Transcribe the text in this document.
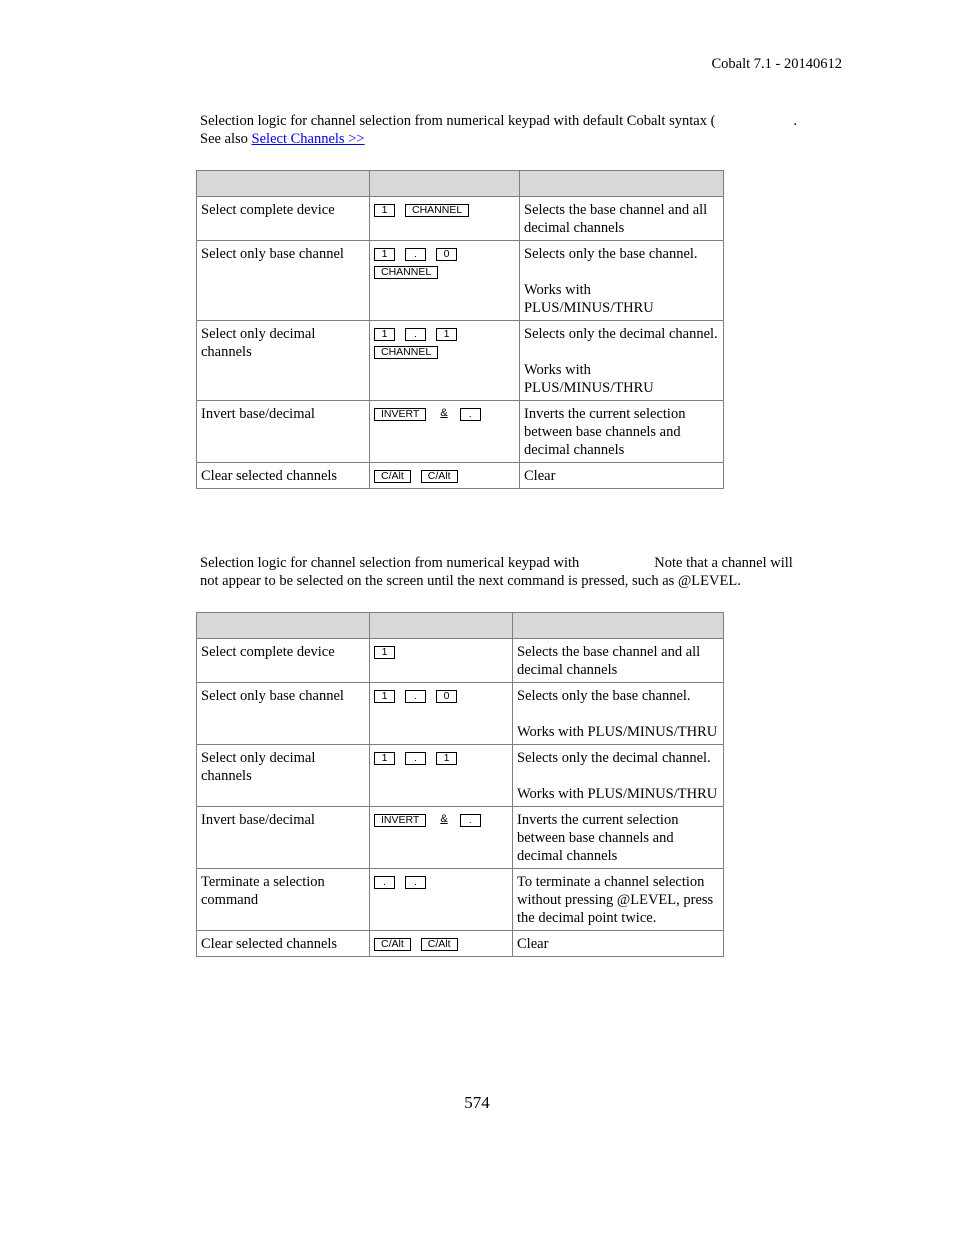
Cobalt 7.1 - 20140612

Selection logic for channel selection from numerical keypad with default Cobalt syntax (	.
See also Select Channels >>

Select complete device	1 CHANNEL	Selects the base channel and all decimal channels

Select only base channel	1 . 0CHANNEL	Selects only the base channel.
Works with PLUS/MINUS/THRU

Select only decimal channels	1 . 1CHANNEL	Selects only the decimal channel.
Works with PLUS/MINUS/THRU

Invert base/decimal	INVERT & .	Inverts the current selection between base channels and decimal channels

Clear selected channels	C/Alt C/Alt	Clear

Selection logic for channel selection from numerical keypad with	Note that a channel will
not appear to be selected on the screen until the next command is pressed, such as @LEVEL.

Select complete device	1	Selects the base channel and all decimal channels

Select only base channel	1 . 0	Selects only the base channel.
Works with PLUS/MINUS/THRU

Select only decimal channels	1 . 1	Selects only the decimal channel.
Works with PLUS/MINUS/THRU

Invert base/decimal	INVERT & .	Inverts the current selection between base channels and decimal channels

Terminate a selection command	. .	To terminate a channel selection without pressing @LEVEL, press the decimal point twice.

Clear selected channels	C/Alt C/Alt	Clear
574
